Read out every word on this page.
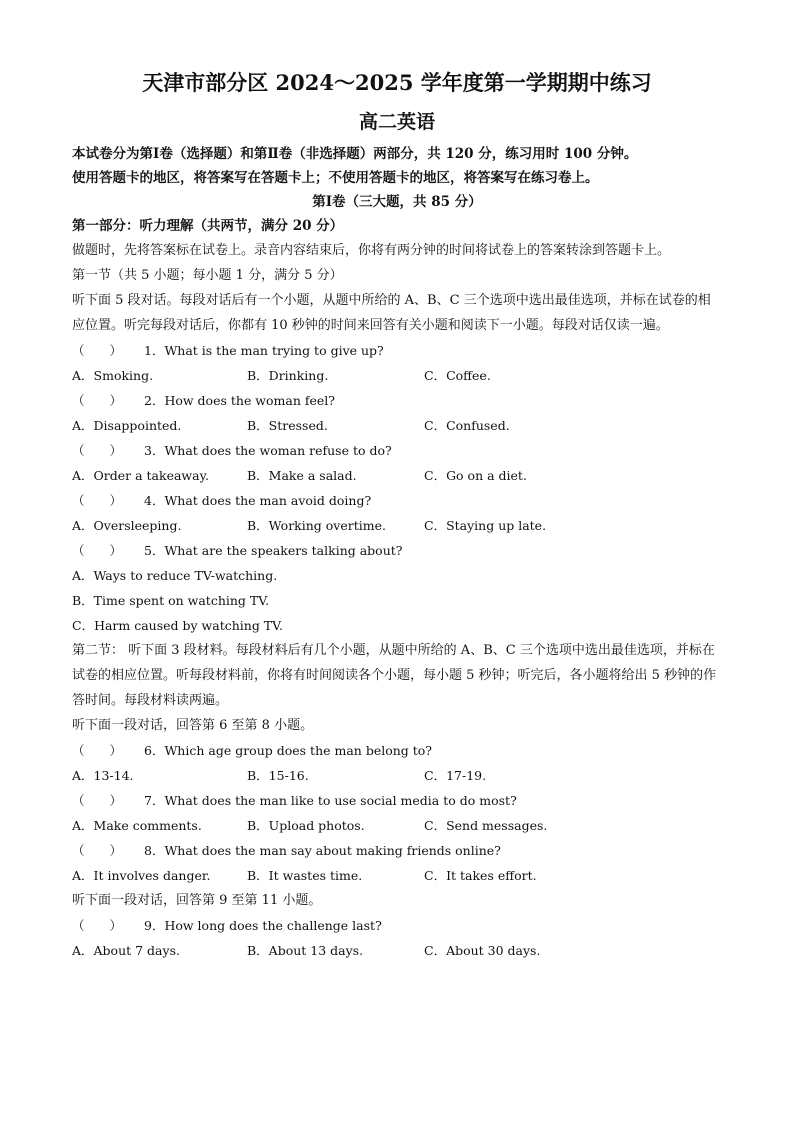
天津市部分区 2024～2025 学年度第一学期期中练习
高二英语

本试卷分为第Ⅰ卷（选择题）和第Ⅱ卷（非选择题）两部分，共 120 分，练习用时 100 分钟。

使用答题卡的地区，将答案写在答题卡上；不使用答题卡的地区，将答案写在练习卷上。

第Ⅰ卷（三大题，共 85 分）

第一部分：听力理解（共两节，满分 20 分）

做题时，先将答案标在试卷上。录音内容结束后，你将有两分钟的时间将试卷上的答案转涂到答题卡上。

第一节（共 5 小题；每小题 1 分，满分 5 分）

听下面 5 段对话。每段对话后有一个小题，从题中所给的 A、B、C 三个选项中选出最佳选项，并标在试卷的相应位置。听完每段对话后，你都有 10 秒钟的时间来回答有关小题和阅读下一小题。每段对话仅读一遍。

（　　） 1．What is the man trying to give up?

A．Smoking.	B．Drinking.	C．Coffee.

（　　） 2．How does the woman feel?

A．Disappointed.	B．Stressed.	C．Confused.

（　　） 3．What does the woman refuse to do?

A．Order a takeaway.	B．Make a salad.	C．Go on a diet.

（　　） 4．What does the man avoid doing?

A．Oversleeping.	B．Working overtime.	C．Staying up late.

（　　） 5．What are the speakers talking about?

A．Ways to reduce TV-watching.

B．Time spent on watching TV.

C．Harm caused by watching TV.

第二节： 听下面 3 段材料。每段材料后有几个小题，从题中所给的 A、B、C 三个选项中选出最佳选项，并标在试卷的相应位置。听每段材料前，你将有时间阅读各个小题，每小题 5 秒钟；听完后，各小题将给出 5 秒钟的作答时间。每段材料读两遍。

听下面一段对话，回答第 6 至第 8 小题。

（　　） 6．Which age group does the man belong to?

A．13-14.	B．15-16.	C．17-19.

（　　） 7．What does the man like to use social media to do most?

A．Make comments.	B．Upload photos.	C．Send messages.

（　　） 8．What does the man say about making friends online?

A．It involves danger.	B．It wastes time.	C．It takes effort.

听下面一段对话，回答第 9 至第 11 小题。

（　　） 9．How long does the challenge last?

A．About 7 days.	B．About 13 days.	C．About 30 days.
